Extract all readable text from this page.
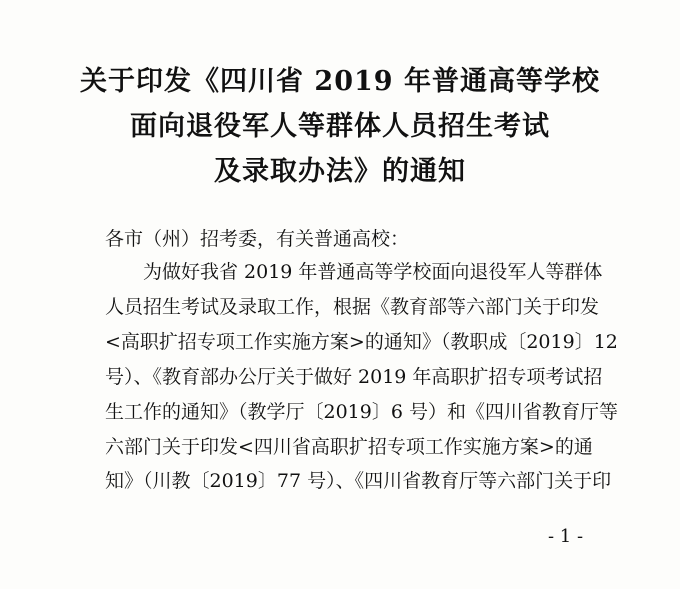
关于印发《四川省 2019 年普通高等学校
面向退役军人等群体人员招生考试
及录取办法》的通知
各市（州）招考委，有关普通高校：
为做好我省 2019 年普通高等学校面向退役军人等群体
人员招生考试及录取工作，根据《教育部等六部门关于印发
<高职扩招专项工作实施方案>的通知》（教职成〔2019〕12
号）、《教育部办公厅关于做好 2019 年高职扩招专项考试招
生工作的通知》（教学厅〔2019〕6 号）和《四川省教育厅等
六部门关于印发<四川省高职扩招专项工作实施方案>的通
知》（川教〔2019〕77 号）、《四川省教育厅等六部门关于印
- 1 -
